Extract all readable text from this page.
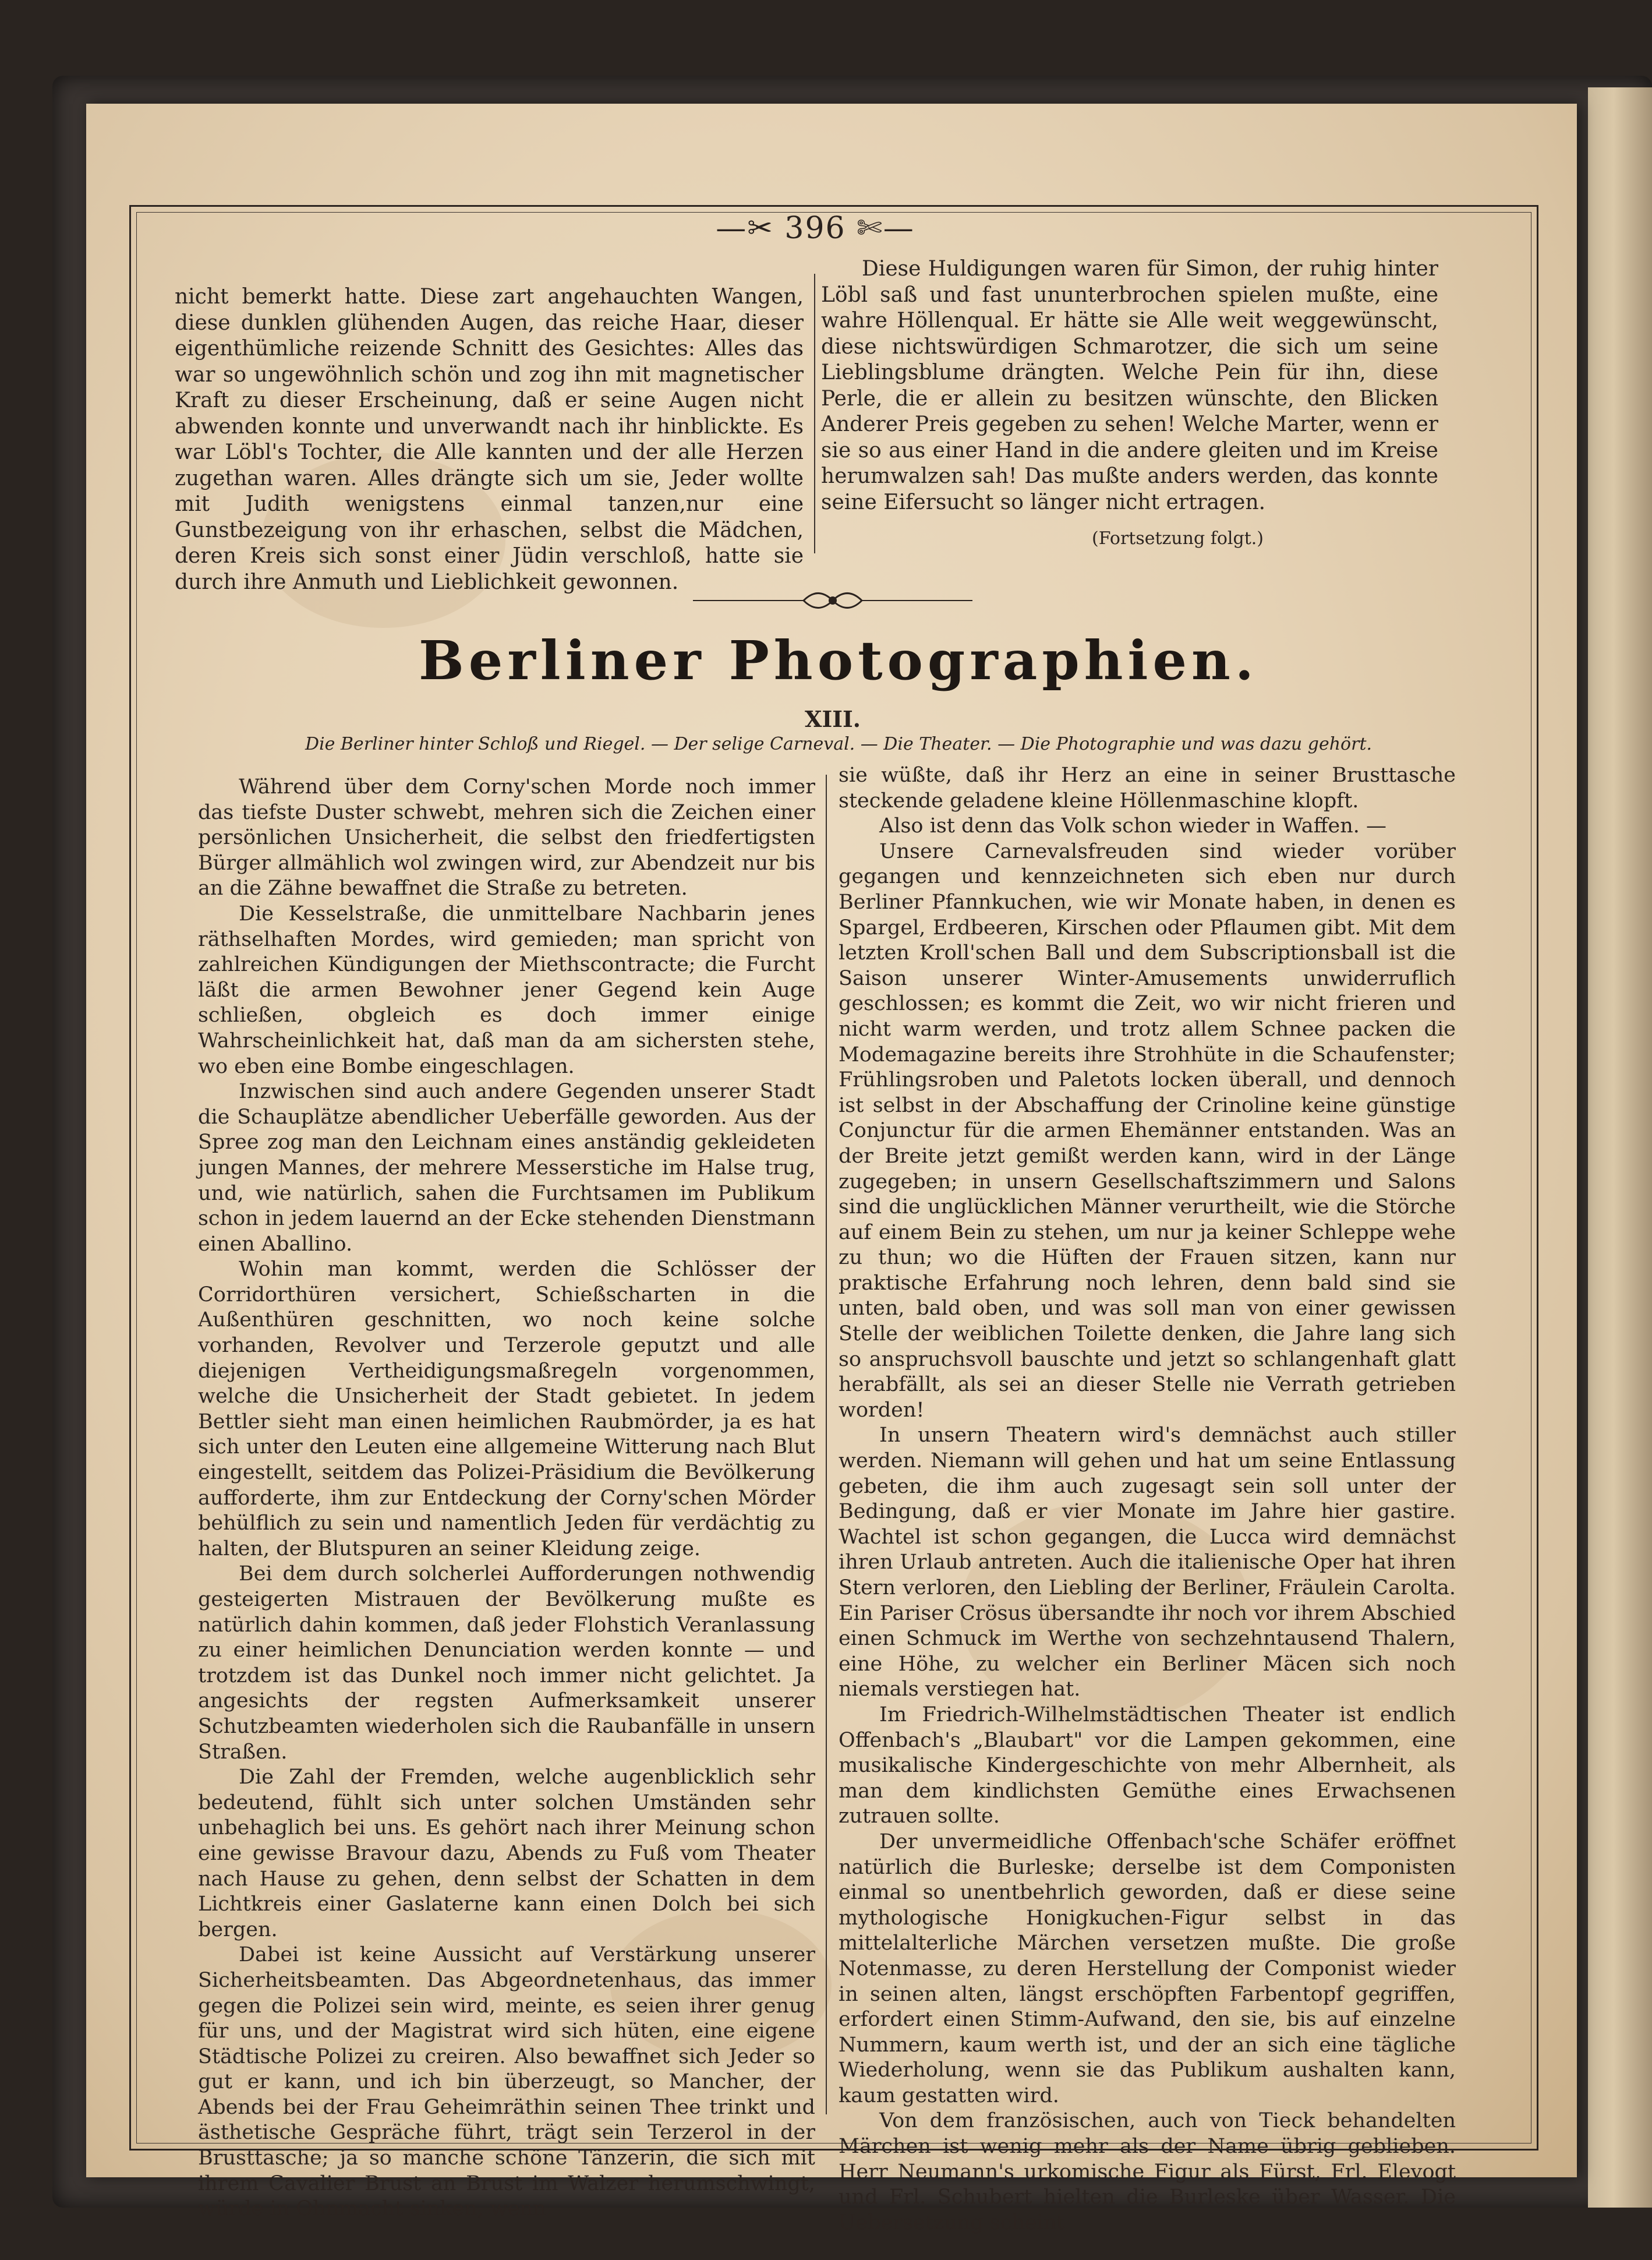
—✂ 396 ✄—

nicht bemerkt hatte. Diese zart angehauchten Wangen, diese dunklen glühenden Augen, das reiche Haar, dieser eigenthümliche reizende Schnitt des Gesichtes: Alles das war so ungewöhnlich schön und zog ihn mit magnetischer Kraft zu dieser Erscheinung, daß er seine Augen nicht abwenden konnte und unverwandt nach ihr hinblickte. Es war Löbl's Tochter, die Alle kannten und der alle Herzen zugethan waren. Alles drängte sich um sie, Jeder wollte mit Judith wenigstens einmal tanzen,nur eine Gunstbezeigung von ihr erhaschen, selbst die Mädchen, deren Kreis sich sonst einer Jüdin verschloß, hatte sie durch ihre Anmuth und Lieblichkeit gewonnen.

Diese Huldigungen waren für Simon, der ruhig hinter Löbl saß und fast ununterbrochen spielen mußte, eine wahre Höllenqual. Er hätte sie Alle weit weggewünscht, diese nichtswürdigen Schmarotzer, die sich um seine Lieblingsblume drängten. Welche Pein für ihn, diese Perle, die er allein zu besitzen wünschte, den Blicken Anderer Preis gegeben zu sehen! Welche Marter, wenn er sie so aus einer Hand in die andere gleiten und im Kreise herumwalzen sah! Das mußte anders werden, das konnte seine Eifersucht so länger nicht ertragen.

(Fortsetzung folgt.)
Berliner Photographien.
XIII.
Die Berliner hinter Schloß und Riegel. — Der selige Carneval. — Die Theater. — Die Photographie und was dazu gehört.

Während über dem Corny'schen Morde noch immer das tiefste Duster schwebt, mehren sich die Zeichen einer persönlichen Unsicherheit, die selbst den friedfertigsten Bürger allmählich wol zwingen wird, zur Abendzeit nur bis an die Zähne bewaffnet die Straße zu betreten.

Die Kesselstraße, die unmittelbare Nachbarin jenes räthselhaften Mordes, wird gemieden; man spricht von zahlreichen Kündigungen der Miethscontracte; die Furcht läßt die armen Bewohner jener Gegend kein Auge schließen, obgleich es doch immer einige Wahrscheinlichkeit hat, daß man da am sichersten stehe, wo eben eine Bombe eingeschlagen.

Inzwischen sind auch andere Gegenden unserer Stadt die Schauplätze abendlicher Ueberfälle geworden. Aus der Spree zog man den Leichnam eines anständig gekleideten jungen Mannes, der mehrere Messerstiche im Halse trug, und, wie natürlich, sahen die Furchtsamen im Publikum schon in jedem lauernd an der Ecke stehenden Dienstmann einen Aballino.

Wohin man kommt, werden die Schlösser der Corridorthüren versichert, Schießscharten in die Außenthüren geschnitten, wo noch keine solche vorhanden, Revolver und Terzerole geputzt und alle diejenigen Vertheidigungsmaßregeln vorgenommen, welche die Unsicherheit der Stadt gebietet. In jedem Bettler sieht man einen heimlichen Raubmörder, ja es hat sich unter den Leuten eine allgemeine Witterung nach Blut eingestellt, seitdem das Polizei-Präsidium die Bevölkerung aufforderte, ihm zur Entdeckung der Corny'schen Mörder behülflich zu sein und namentlich Jeden für verdächtig zu halten, der Blutspuren an seiner Kleidung zeige.

Bei dem durch solcherlei Aufforderungen nothwendig gesteigerten Mistrauen der Bevölkerung mußte es natürlich dahin kommen, daß jeder Flohstich Veranlassung zu einer heimlichen Denunciation werden konnte — und trotzdem ist das Dunkel noch immer nicht gelichtet. Ja angesichts der regsten Aufmerksamkeit unserer Schutzbeamten wiederholen sich die Raubanfälle in unsern Straßen.

Die Zahl der Fremden, welche augenblicklich sehr bedeutend, fühlt sich unter solchen Umständen sehr unbehaglich bei uns. Es gehört nach ihrer Meinung schon eine gewisse Bravour dazu, Abends zu Fuß vom Theater nach Hause zu gehen, denn selbst der Schatten in dem Lichtkreis einer Gaslaterne kann einen Dolch bei sich bergen.

Dabei ist keine Aussicht auf Verstärkung unserer Sicherheitsbeamten. Das Abgeordnetenhaus, das immer gegen die Polizei sein wird, meinte, es seien ihrer genug für uns, und der Magistrat wird sich hüten, eine eigene Städtische Polizei zu creiren. Also bewaffnet sich Jeder so gut er kann, und ich bin überzeugt, so Mancher, der Abends bei der Frau Geheimräthin seinen Thee trinkt und ästhetische Gespräche führt, trägt sein Terzerol in der Brusttasche; ja so manche schöne Tänzerin, die sich mit ihrem Cavalier Brust an Brust im Walzer herumschwingt, würde in Ohnmacht sinken, wenn

sie wüßte, daß ihr Herz an eine in seiner Brusttasche steckende geladene kleine Höllenmaschine klopft.

Also ist denn das Volk schon wieder in Waffen. —

Unsere Carnevalsfreuden sind wieder vorüber gegangen und kennzeichneten sich eben nur durch Berliner Pfannkuchen, wie wir Monate haben, in denen es Spargel, Erdbeeren, Kirschen oder Pflaumen gibt. Mit dem letzten Kroll'schen Ball und dem Subscriptionsball ist die Saison unserer Winter-Amusements unwiderruflich geschlossen; es kommt die Zeit, wo wir nicht frieren und nicht warm werden, und trotz allem Schnee packen die Modemagazine bereits ihre Strohhüte in die Schaufenster; Frühlingsroben und Paletots locken überall, und dennoch ist selbst in der Abschaffung der Crinoline keine günstige Conjunctur für die armen Ehemänner entstanden. Was an der Breite jetzt gemißt werden kann, wird in der Länge zugegeben; in unsern Gesellschaftszimmern und Salons sind die unglücklichen Männer verurtheilt, wie die Störche auf einem Bein zu stehen, um nur ja keiner Schleppe wehe zu thun; wo die Hüften der Frauen sitzen, kann nur praktische Erfahrung noch lehren, denn bald sind sie unten, bald oben, und was soll man von einer gewissen Stelle der weiblichen Toilette denken, die Jahre lang sich so anspruchsvoll bauschte und jetzt so schlangenhaft glatt herabfällt, als sei an dieser Stelle nie Verrath getrieben worden!

In unsern Theatern wird's demnächst auch stiller werden. Niemann will gehen und hat um seine Entlassung gebeten, die ihm auch zugesagt sein soll unter der Bedingung, daß er vier Monate im Jahre hier gastire. Wachtel ist schon gegangen, die Lucca wird demnächst ihren Urlaub antreten. Auch die italienische Oper hat ihren Stern verloren, den Liebling der Berliner, Fräulein Carolta. Ein Pariser Crösus übersandte ihr noch vor ihrem Abschied einen Schmuck im Werthe von sechzehntausend Thalern, eine Höhe, zu welcher ein Berliner Mäcen sich noch niemals verstiegen hat.

Im Friedrich-Wilhelmstädtischen Theater ist endlich Offenbach's „Blaubart" vor die Lampen gekommen, eine musikalische Kindergeschichte von mehr Albernheit, als man dem kindlichsten Gemüthe eines Erwachsenen zutrauen sollte.

Der unvermeidliche Offenbach'sche Schäfer eröffnet natürlich die Burleske; derselbe ist dem Componisten einmal so unentbehrlich geworden, daß er diese seine mythologische Honigkuchen-Figur selbst in das mittelalterliche Märchen versetzen mußte. Die große Notenmasse, zu deren Herstellung der Componist wieder in seinen alten, längst erschöpften Farbentopf gegriffen, erfordert einen Stimm-Aufwand, den sie, bis auf einzelne Nummern, kaum werth ist, und der an sich eine tägliche Wiederholung, wenn sie das Publikum aushalten kann, kaum gestatten wird.

Von dem französischen, auch von Tieck behandelten Märchen ist wenig mehr als der Name übrig geblieben. Herr Neumann's urkomische Figur als Fürst, Frl. Elevogt und Frl. Schubert hielten die Burleske über Wasser. Die Uebersetzung scheint
